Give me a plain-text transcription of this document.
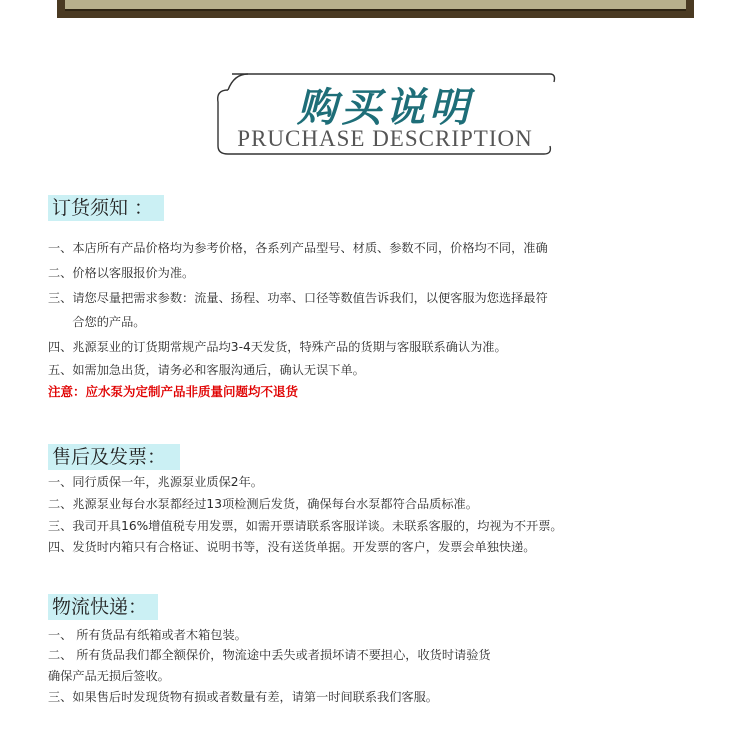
购买说明
PRUCHASE DESCRIPTION
订货须知 ：
一、本店所有产品价格均为参考价格，各系列产品型号、材质、参数不同，价格均不同，准确
二、价格以客服报价为准。
三、请您尽量把需求参数：流量、扬程、功率、口径等数值告诉我们，以便客服为您选择最符
　　合您的产品。
四、兆源泵业的订货期常规产品均3-4天发货，特殊产品的货期与客服联系确认为准。
五、如需加急出货，请务必和客服沟通后，确认无误下单。
注意：应水泵为定制产品非质量问题均不退货
售后及发票：
一、同行质保一年，兆源泵业质保2年。
二、兆源泵业每台水泵都经过13项检测后发货，确保每台水泵都符合品质标准。
三、我司开具16%增值税专用发票，如需开票请联系客服详谈。未联系客服的，均视为不开票。
四、发货时内箱只有合格证、说明书等，没有送货单据。开发票的客户，发票会单独快递。
物流快递：
一、 所有货品有纸箱或者木箱包装。
二、 所有货品我们都全额保价，物流途中丢失或者损坏请不要担心，收货时请验货
确保产品无损后签收。
三、如果售后时发现货物有损或者数量有差，请第一时间联系我们客服。
